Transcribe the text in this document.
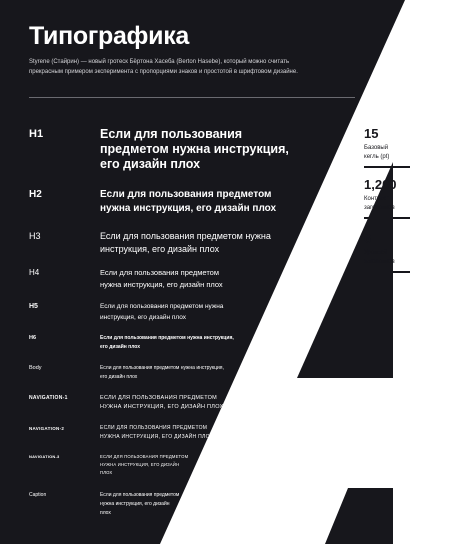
Типографика

Styrene (Стайрин) — новый гротеск Бёртона Хасеба (Berton Hasebe), который можно считать
прекрасным примером эксперимента с пропорциями знаков и простотой в шрифтовом дизайне.

H1	Если для пользования
предметом нужна инструкция,
его дизайн плох
H2	Если для пользования предметом
нужна инструкция, его дизайн плох
H3	Если для пользования предметом нужна
инструкция, его дизайн плох
H4	Если для пользования предметом
нужна инструкция, его дизайн плох
H5	Если для пользования предметом нужна
инструкция, его дизайн плох
H6	Если для пользования предметом нужна инструкция,
его дизайн плох
Body	Если для пользования предметом нужна инструкция,
его дизайн плох
NAVIGATION-1	ЕСЛИ ДЛЯ ПОЛЬЗОВАНИЯ ПРЕДМЕТОМ
НУЖНА ИНСТРУКЦИЯ, ЕГО ДИЗАЙН ПЛОХ
NAVIGATION-2	ЕСЛИ ДЛЯ ПОЛЬЗОВАНИЯ ПРЕДМЕТОМ
НУЖНА ИНСТРУКЦИЯ, ЕГО ДИЗАЙН ПЛОХ
NAVIGATION-3	ЕСЛИ ДЛЯ ПОЛЬЗОВАНИЯ ПРЕДМЕТОМ
НУЖНА ИНСТРУКЦИЯ, ЕГО ДИЗАЙН
ПЛОХ
Caption	Если для пользования предметом
нужна инструкция, его дизайн
плох
15
Базовый
кегль (pt)
1,200
Контраст
заголовков
6
Уровней
заголовков
